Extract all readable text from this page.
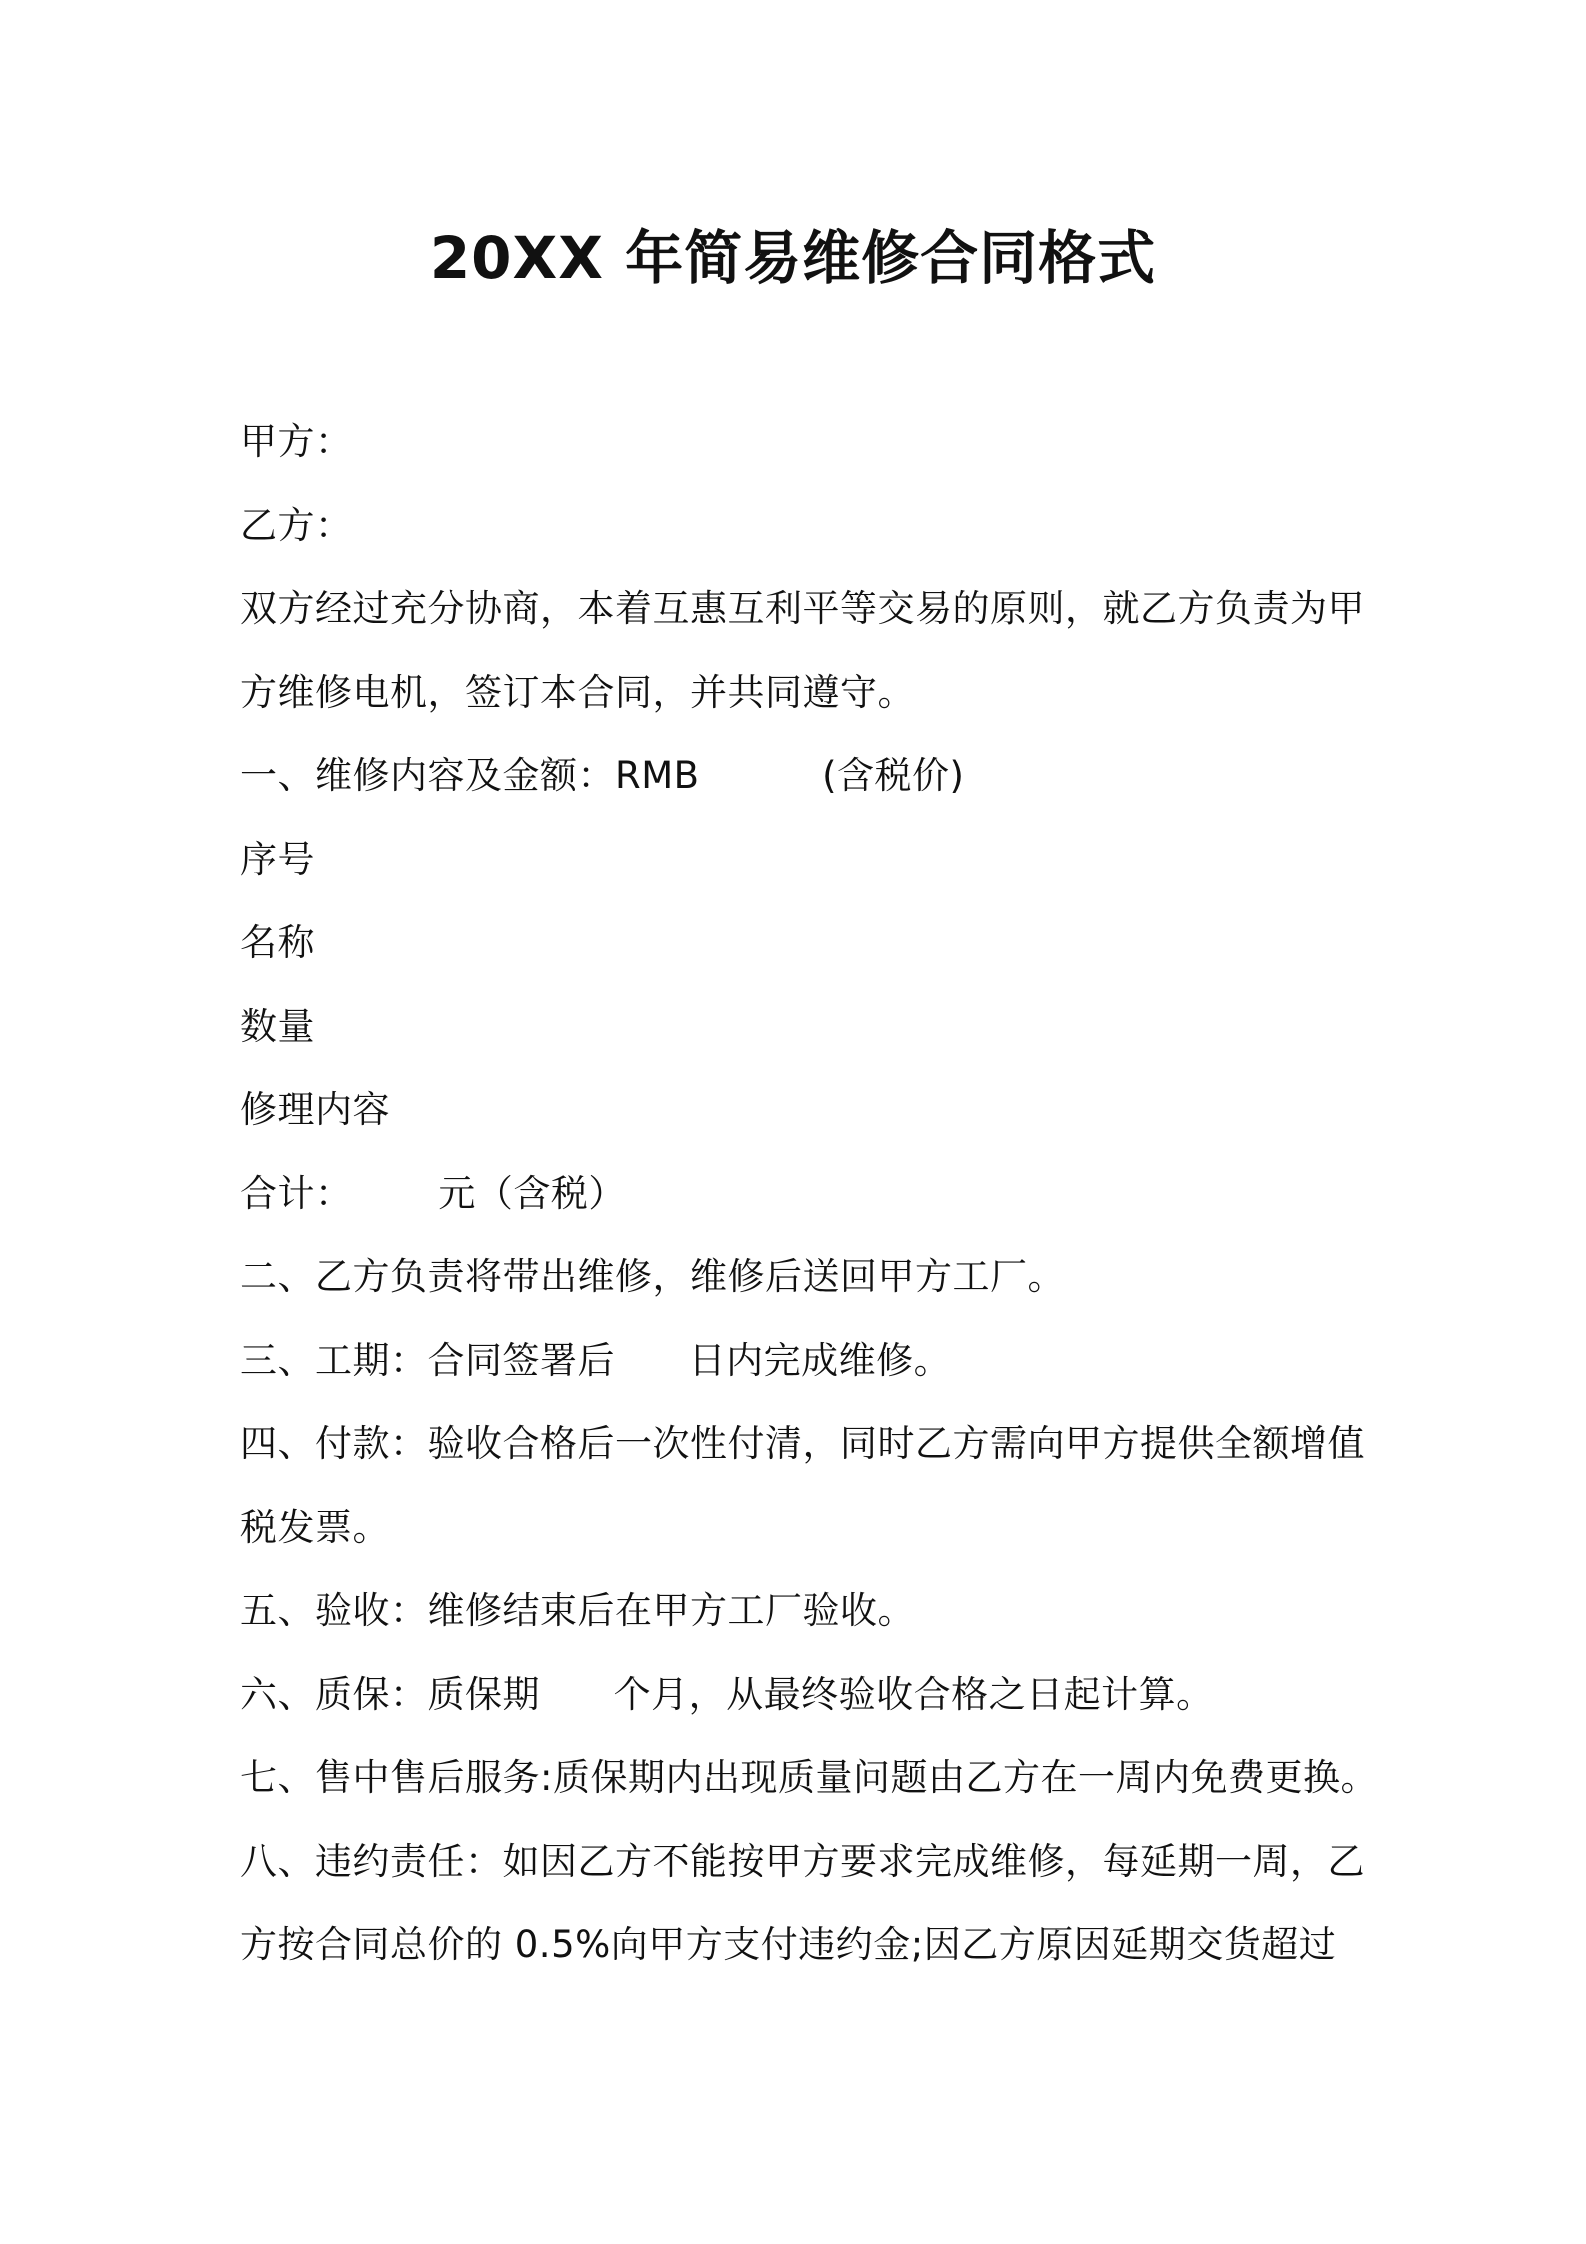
20XX 年简易维修合同格式
甲方：
乙方：
双方经过充分协商，本着互惠互利平等交易的原则，就乙方负责为甲
方维修电机，签订本合同，并共同遵守。
一、维修内容及金额：RMB          (含税价)
序号
名称
数量
修理内容
合计：       元（含税）
二、乙方负责将带出维修，维修后送回甲方工厂。
三、工期：合同签署后      日内完成维修。
四、付款：验收合格后一次性付清，同时乙方需向甲方提供全额增值
税发票。
五、验收：维修结束后在甲方工厂验收。
六、质保：质保期      个月，从最终验收合格之日起计算。
七、售中售后服务:质保期内出现质量问题由乙方在一周内免费更换。
八、违约责任：如因乙方不能按甲方要求完成维修，每延期一周，乙
方按合同总价的 0.5%向甲方支付违约金;因乙方原因延期交货超过
